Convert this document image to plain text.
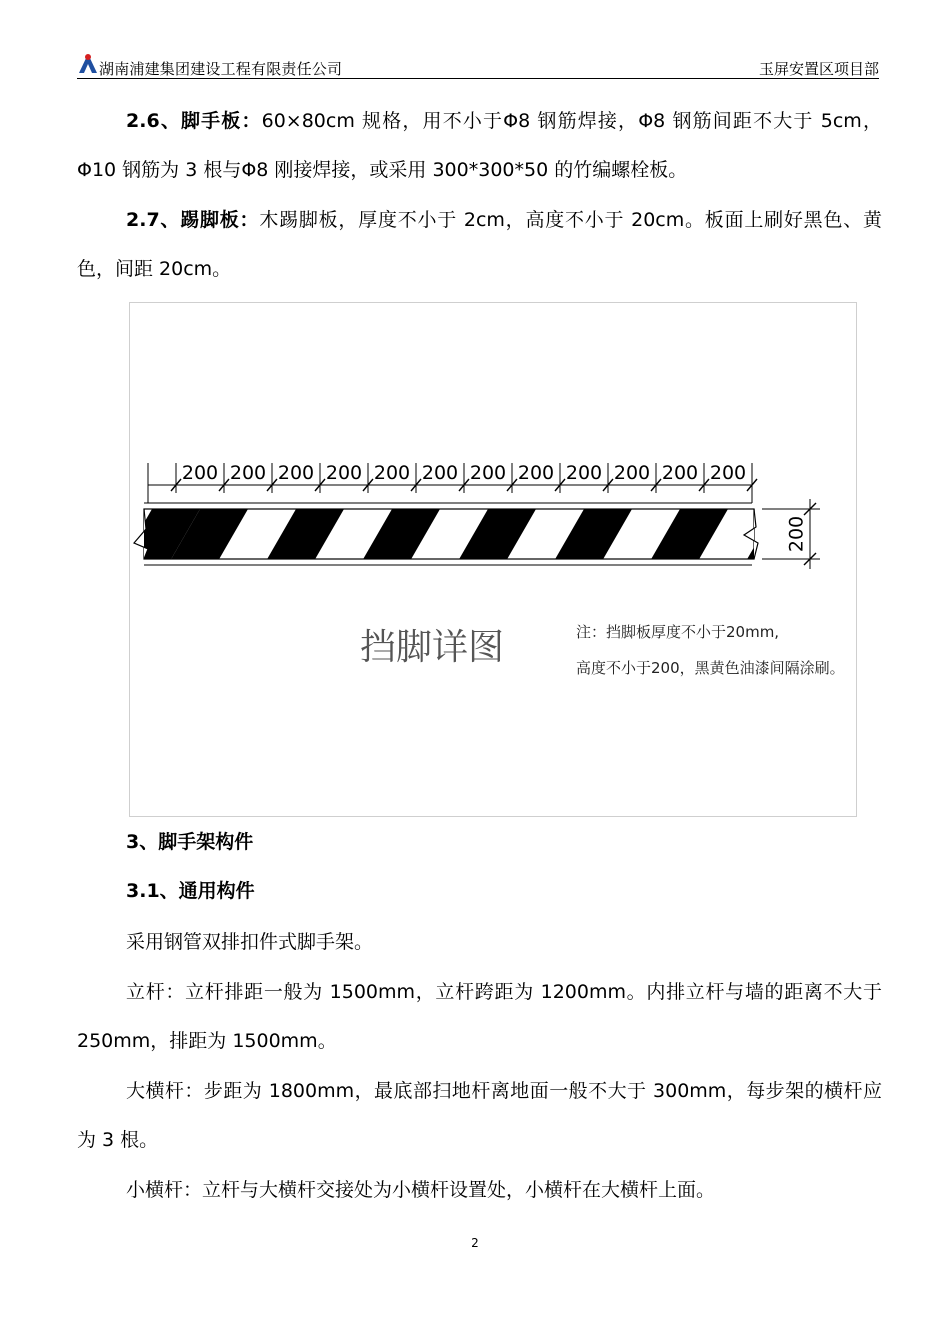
湖南浦建集团建设工程有限责任公司	玉屏安置区项目部
2.6、脚手板：60×80cm 规格，用不小于Φ8 钢筋焊接，Φ8 钢筋间距不大于 5cm，Φ10 钢筋为 3 根与Φ8 刚接焊接，或采用 300*300*50 的竹编螺栓板。
2.7、踢脚板：木踢脚板，厚度不小于 2cm，高度不小于 20cm。板面上刷好黑色、黄色，间距 20cm。
200 200 200 200 200 200 200 200 200 200 200 200
200
挡脚详图	注：挡脚板厚度不小于20mm,
高度不小于200，黑黄色油漆间隔涂刷。
3、脚手架构件
3.1、通用构件
采用钢管双排扣件式脚手架。
立杆：立杆排距一般为 1500mm，立杆跨距为 1200mm。内排立杆与墙的距离不大于 250mm，排距为 1500mm。
大横杆：步距为 1800mm，最底部扫地杆离地面一般不大于 300mm，每步架的横杆应为 3 根。
小横杆：立杆与大横杆交接处为小横杆设置处，小横杆在大横杆上面。
2
